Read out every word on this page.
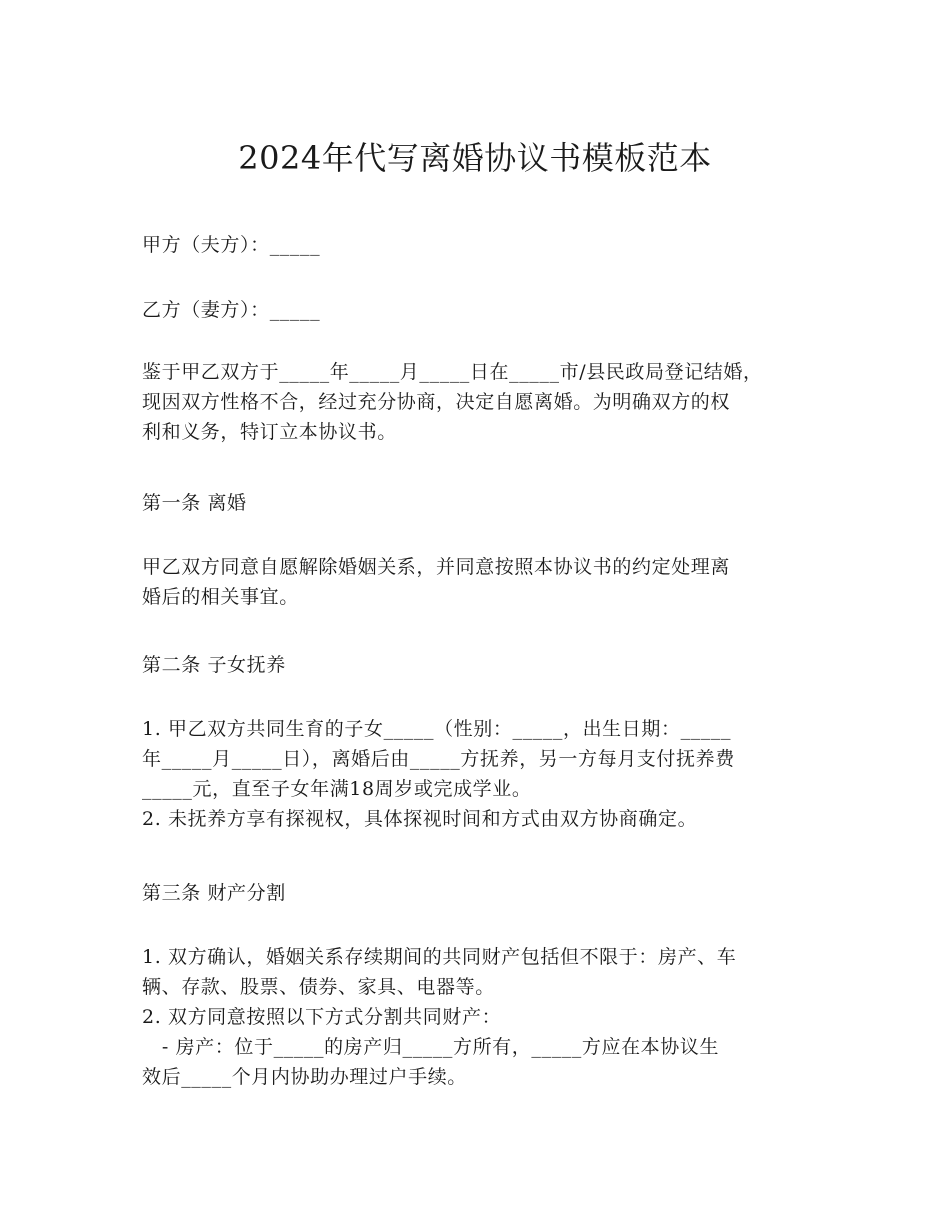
2024年代写离婚协议书模板范本
甲方（夫方）：_____
乙方（妻方）：_____
鉴于甲乙双方于_____年_____月_____日在_____市/县民政局登记结婚，
现因双方性格不合，经过充分协商，决定自愿离婚。为明确双方的权
利和义务，特订立本协议书。
第一条 离婚
甲乙双方同意自愿解除婚姻关系，并同意按照本协议书的约定处理离
婚后的相关事宜。
第二条 子女抚养
1. 甲乙双方共同生育的子女_____（性别：_____，出生日期：_____
年_____月_____日），离婚后由_____方抚养，另一方每月支付抚养费
_____元，直至子女年满18周岁或完成学业。
2. 未抚养方享有探视权，具体探视时间和方式由双方协商确定。
第三条 财产分割
1. 双方确认，婚姻关系存续期间的共同财产包括但不限于：房产、车
辆、存款、股票、债券、家具、电器等。
2. 双方同意按照以下方式分割共同财产：
- 房产：位于_____的房产归_____方所有，_____方应在本协议生
效后_____个月内协助办理过户手续。
